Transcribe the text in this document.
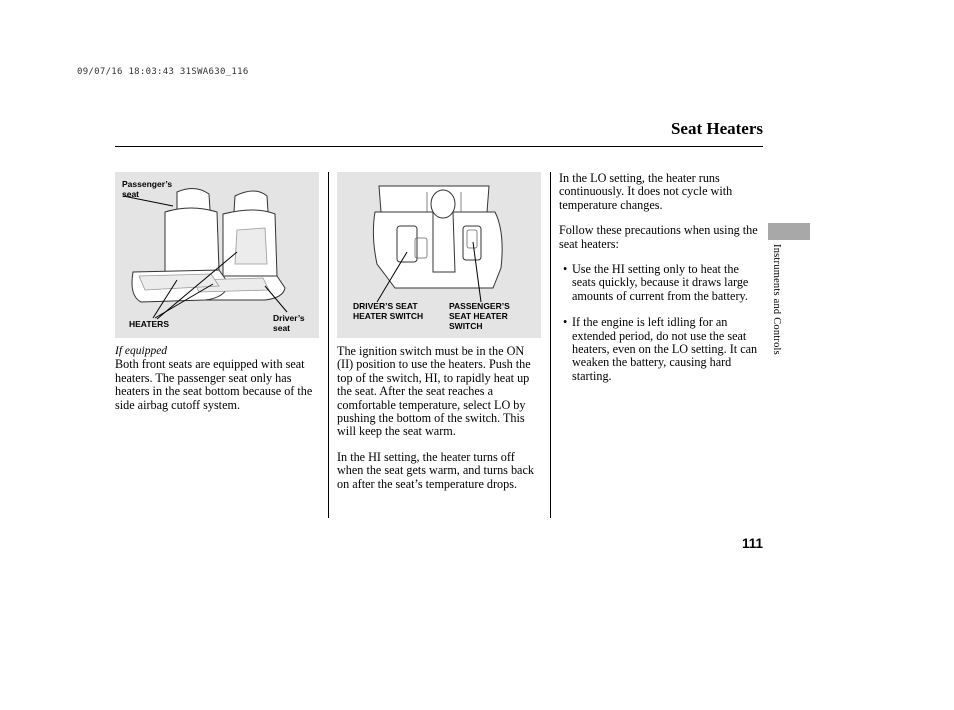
09/07/16 18:03:43 31SWA630_116
Seat Heaters
Instruments and Controls
Passenger’s
seat
HEATERS
Driver’s
seat
DRIVER’S SEAT
HEATER SWITCH
PASSENGER’S
SEAT HEATER
SWITCH
If equipped

Both front seats are equipped with seat heaters. The passenger seat only has heaters in the seat bottom because of the side airbag cutoff system.

The ignition switch must be in the ON (II) position to use the heaters. Push the top of the switch, HI, to rapidly heat up the seat. After the seat reaches a comfortable temperature, select LO by pushing the bottom of the switch. This will keep the seat warm.

In the HI setting, the heater turns off when the seat gets warm, and turns back on after the seat’s temperature drops.

In the LO setting, the heater runs continuously. It does not cycle with temperature changes.

Follow these precautions when using the seat heaters:

• Use the HI setting only to heat the seats quickly, because it draws large amounts of current from the battery.
• If the engine is left idling for an extended period, do not use the seat heaters, even on the LO setting. It can weaken the battery, causing hard starting.
111
